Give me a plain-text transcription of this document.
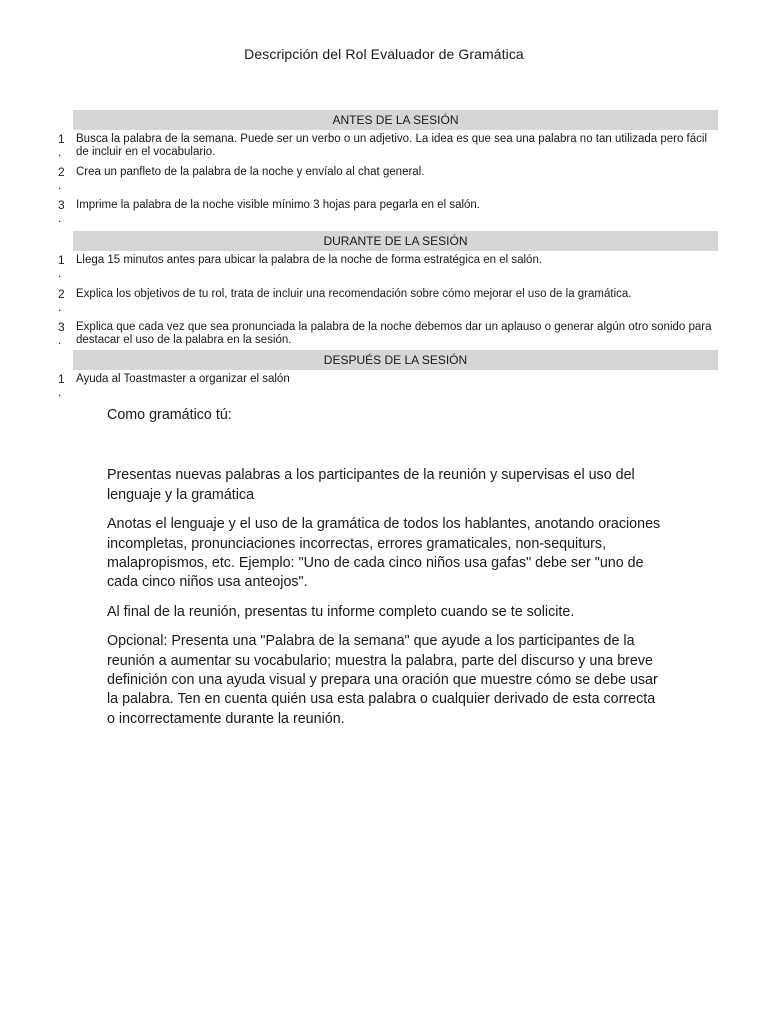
Descripción del Rol Evaluador de Gramática
ANTES DE LA SESIÓN
1
.
Busca la palabra de la semana. Puede ser un verbo o un adjetivo. La idea es que sea una palabra no tan utilizada pero fácil de incluir en el vocabulario.
2
.
Crea un panfleto de la palabra de la noche y envíalo al chat general.
3
.
Imprime la palabra de la noche visible mínimo 3 hojas para pegarla en el salón.
DURANTE DE LA SESIÓN
1
.
Llega 15 minutos antes para ubicar la palabra de la noche de forma estratégica en el salón.
2
.
Explica los objetivos de tu rol, trata de incluir una recomendación sobre cómo mejorar el uso de la gramática.
3
.
Explica que cada vez que sea pronunciada la palabra de la noche debemos dar un aplauso o generar algún otro sonido para destacar el uso de la palabra en la sesión.
DESPUÉS DE LA SESIÓN
1
.
Ayuda al Toastmaster a organizar el salón

Como gramático tú:

Presentas nuevas palabras a los participantes de la reunión y supervisas el uso del lenguaje y la gramática

Anotas el lenguaje y el uso de la gramática de todos los hablantes, anotando oraciones incompletas, pronunciaciones incorrectas, errores gramaticales, non-sequiturs, malapropismos, etc. Ejemplo: "Uno de cada cinco niños usa gafas" debe ser "uno de cada cinco niños usa anteojos".

Al final de la reunión, presentas tu informe completo cuando se te solicite.

Opcional: Presenta una "Palabra de la semana" que ayude a los participantes de la reunión a aumentar su vocabulario; muestra la palabra, parte del discurso y una breve definición con una ayuda visual y prepara una oración que muestre cómo se debe usar la palabra. Ten en cuenta quién usa esta palabra o cualquier derivado de esta correcta o incorrectamente durante la reunión.
